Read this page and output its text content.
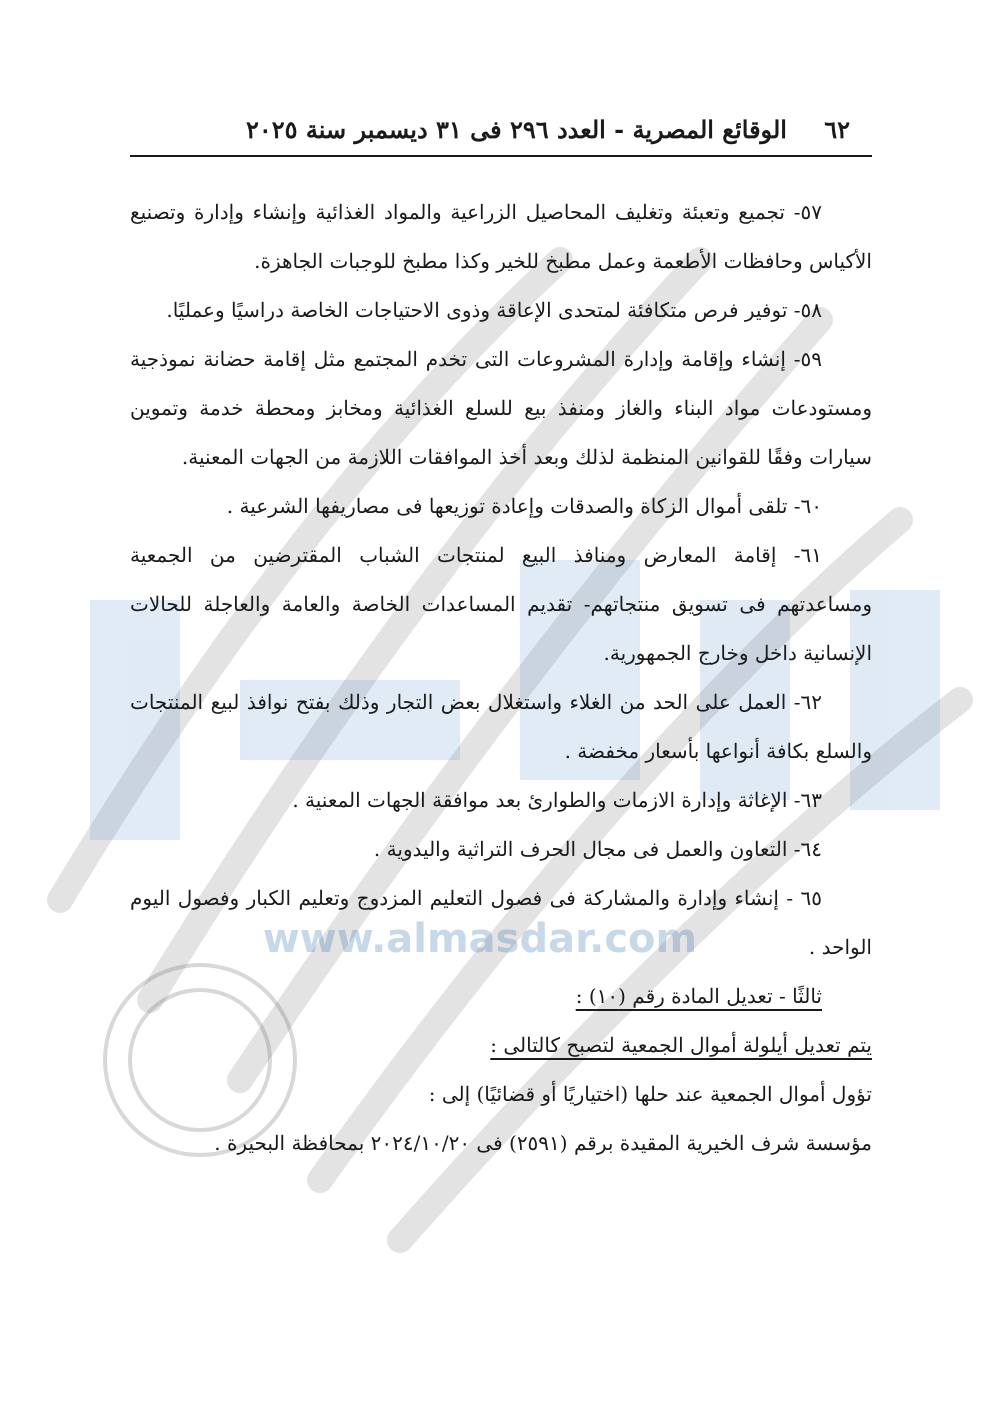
www.almasdar.com
٦٢
الوقائع المصرية - العدد ٢٩٦ فى ٣١ ديسمبر سنة ٢٠٢٥

٥٧- تجميع وتعبئة وتغليف المحاصيل الزراعية والمواد الغذائية وإنشاء وإدارة وتصنيع الأكياس وحافظات الأطعمة وعمل مطبخ للخير وكذا مطبخ للوجبات الجاهزة.

٥٨- توفير فرص متكافئة لمتحدى الإعاقة وذوى الاحتياجات الخاصة دراسيًا وعمليًا.

٥٩- إنشاء وإقامة وإدارة المشروعات التى تخدم المجتمع مثل إقامة حضانة نموذجية ومستودعات مواد البناء والغاز ومنفذ بيع للسلع الغذائية ومخابز ومحطة خدمة وتموين سيارات وفقًا للقوانين المنظمة لذلك وبعد أخذ الموافقات اللازمة من الجهات المعنية.

٦٠- تلقى أموال الزكاة والصدقات وإعادة توزيعها فى مصاريفها الشرعية .

٦١- إقامة المعارض ومنافذ البيع لمنتجات الشباب المقترضين من الجمعية ومساعدتهم فى تسويق منتجاتهم- تقديم المساعدات الخاصة والعامة والعاجلة للحالات الإنسانية داخل وخارج الجمهورية.

٦٢- العمل على الحد من الغلاء واستغلال بعض التجار وذلك بفتح نوافذ لبيع المنتجات والسلع بكافة أنواعها بأسعار مخفضة .

٦٣- الإغاثة وإدارة الازمات والطوارئ بعد موافقة الجهات المعنية .

٦٤- التعاون والعمل فى مجال الحرف التراثية واليدوية .

٦٥ - إنشاء وإدارة والمشاركة فى فصول التعليم المزدوج وتعليم الكبار وفصول اليوم الواحد .

ثالثًا - تعديل المادة رقم (١٠) :

يتم تعديل أيلولة أموال الجمعية لتصبح كالتالى :

تؤول أموال الجمعية عند حلها (اختياريًا أو قضائيًا) إلى :

مؤسسة شرف الخيرية المقيدة برقم (٢٥٩١) فى ٢٠٢٤/١٠/٢٠ بمحافظة البحيرة .
